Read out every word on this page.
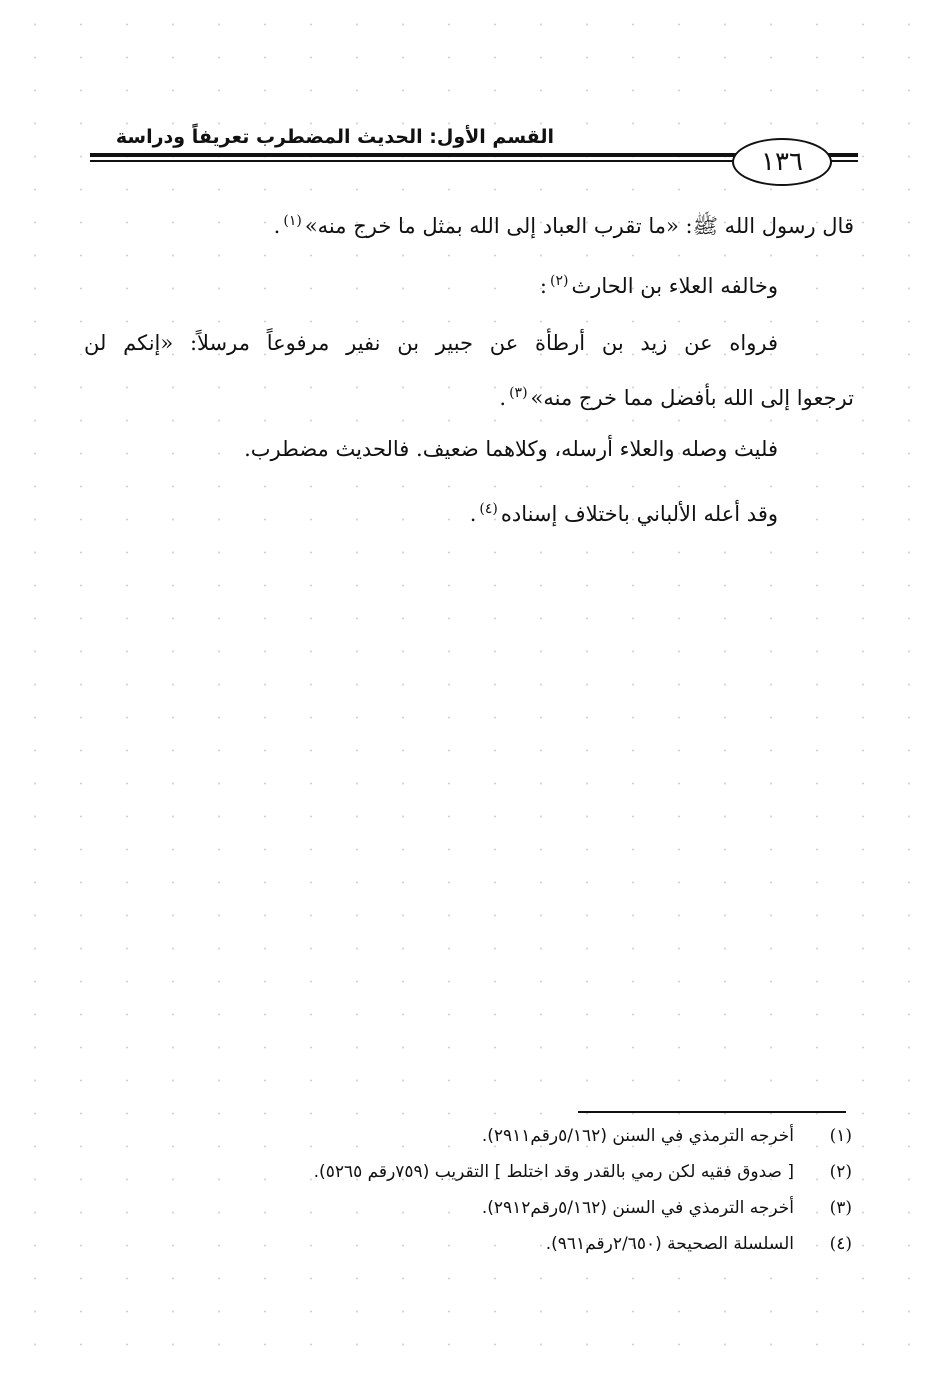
القسم الأول: الحديث المضطرب تعريفاً ودراسة
١٣٦
قال رسول الله ﷺ: «ما تقرب العباد إلى الله بمثل ما خرج منه»$^{(١)}$.
وخالفه العلاء بن الحارث$^{(٢)}$:
فرواه عن زيد بن أرطأة عن جبير بن نفير مرفوعاً مرسلاً: «إنكم لن
ترجعوا إلى الله بأفضل مما خرج منه»$^{(٣)}$.
فليث وصله والعلاء أرسله، وكلاهما ضعيف. فالحديث مضطرب.
وقد أعله الألباني باختلاف إسناده$^{(٤)}$.
(١)أخرجه الترمذي في السنن (٥/١٦٢رقم٢٩١١).
(٢)[ صدوق فقيه لكن رمي بالقدر وقد اختلط ] التقريب (٧٥٩رقم ٥٢٦٥).
(٣)أخرجه الترمذي في السنن (٥/١٦٢رقم٢٩١٢).
(٤)السلسلة الصحيحة (٢/٦٥٠رقم٩٦١).
